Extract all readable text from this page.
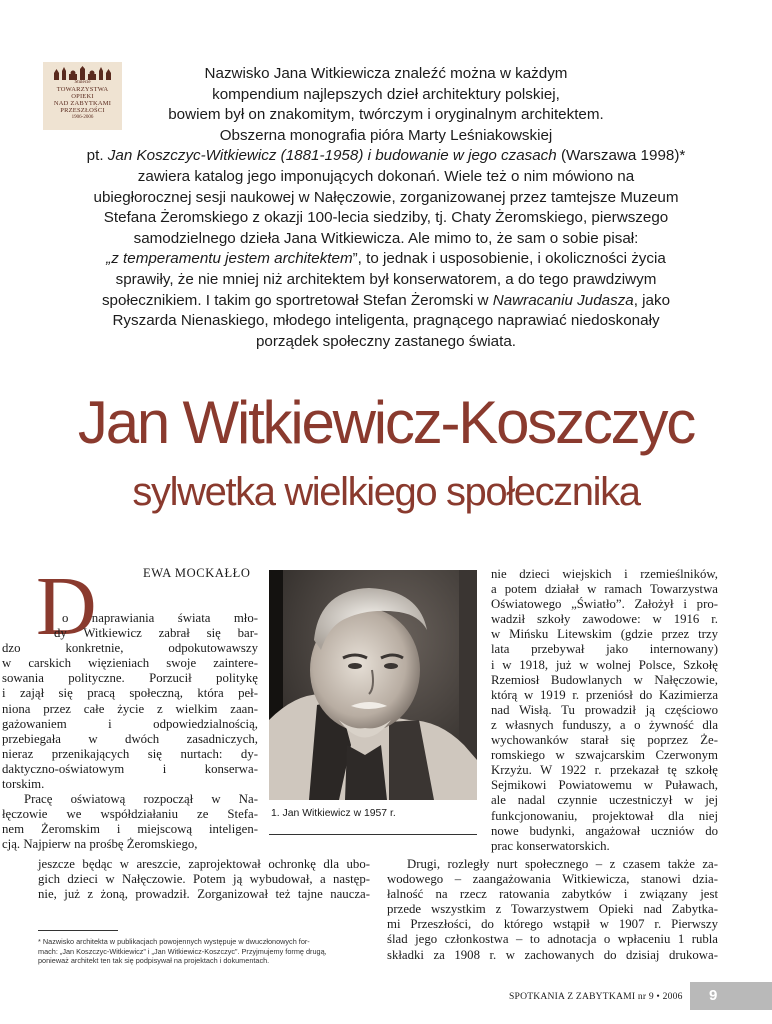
Stulecie
TOWARZYSTWA
OPIEKI
NAD ZABYTKAMI
PRZESZŁOŚCI
1906-2006

Nazwisko Jana Witkiewicza znaleźć można w każdym
kompendium najlepszych dzieł architektury polskiej,
bowiem był on znakomitym, twórczym i oryginalnym architektem.
Obszerna monografia pióra Marty Leśniakowskiej
pt. Jan Koszczyc-Witkiewicz (1881-1958) i budowanie w jego czasach (Warszawa 1998)*
zawiera katalog jego imponujących dokonań. Wiele też o nim mówiono na
ubiegłorocznej sesji naukowej w Nałęczowie, zorganizowanej przez tamtejsze Muzeum
Stefana Żeromskiego z okazji 100-lecia siedziby, tj. Chaty Żeromskiego, pierwszego
samodzielnego dzieła Jana Witkiewicza. Ale mimo to, że sam o sobie pisał:
„z temperamentu jestem architektem”, to jednak i usposobienie, i okoliczności życia
sprawiły, że nie mniej niż architektem był konserwatorem, a do tego prawdziwym
społecznikiem. I takim go sportretował Stefan Żeromski w Nawracaniu Judasza, jako
Ryszarda Nienaskiego, młodego inteligenta, pragnącego naprawiać niedoskonały
porządek społeczny zastanego świata.

Jan Witkiewicz-Koszczyc
sylwetka wielkiego społecznika
D	EWA MOCKAŁŁO
o naprawiania świata mło-
dy Witkiewicz zabrał się bar-
dzo konkretnie, odpokutowawszy
w carskich więzieniach swoje zaintere-
sowania polityczne. Porzucił politykę
i zajął się pracą społeczną, która peł-
niona przez całe życie z wielkim zaan-
gażowaniem i odpowiedzialnością,
przebiegała w dwóch zasadniczych,
nieraz przenikających się nurtach: dy-
daktyczno-oświatowym i konserwa-
torskim.
Pracę oświatową rozpoczął w Na-
łęczowie we współdziałaniu ze Stefa-
nem Żeromskim i miejscową inteligen-
cją. Najpierw na prośbę Żeromskiego,
jeszcze będąc w areszcie, zaprojektował ochronkę dla ubo-
gich dzieci w Nałęczowie. Potem ją wybudował, a następ-
nie, już z żoną, prowadził. Zorganizował też tajne naucza-
1. Jan Witkiewicz w 1957 r.
nie dzieci wiejskich i rzemieślników,
a potem działał w ramach Towarzystwa
Oświatowego „Światło”. Założył i pro-
wadził szkoły zawodowe: w 1916 r.
w Mińsku Litewskim (gdzie przez trzy
lata przebywał jako internowany)
i w 1918, już w wolnej Polsce, Szkołę
Rzemiosł Budowlanych w Nałęczowie,
którą w 1919 r. przeniósł do Kazimierza
nad Wisłą. Tu prowadził ją częściowo
z własnych funduszy, a o żywność dla
wychowanków starał się poprzez Że-
romskiego w szwajcarskim Czerwonym
Krzyżu. W 1922 r. przekazał tę szkołę
Sejmikowi Powiatowemu w Puławach,
ale nadal czynnie uczestniczył w jej
funkcjonowaniu, projektował dla niej
nowe budynki, angażował uczniów do
prac konserwatorskich.
Drugi, rozległy nurt społecznego – z czasem także za-
wodowego – zaangażowania Witkiewicza, stanowi dzia-
łalność na rzecz ratowania zabytków i związany jest
przede wszystkim z Towarzystwem Opieki nad Zabytka-
mi Przeszłości, do którego wstąpił w 1907 r. Pierwszy
ślad jego członkostwa – to adnotacja o wpłaceniu 1 rubla
składki za 1908 r. w zachowanych do dzisiaj drukowa-

* Nazwisko architekta w publikacjach powojennych występuje w dwuczłonowych for-
mach: „Jan Koszczyc-Witkiewicz” i „Jan Witkiewicz-Koszczyc”. Przyjmujemy formę drugą,
ponieważ architekt ten tak się podpisywał na projektach i dokumentach.

SPOTKANIA Z ZABYTKAMI nr 9 • 2006	9
